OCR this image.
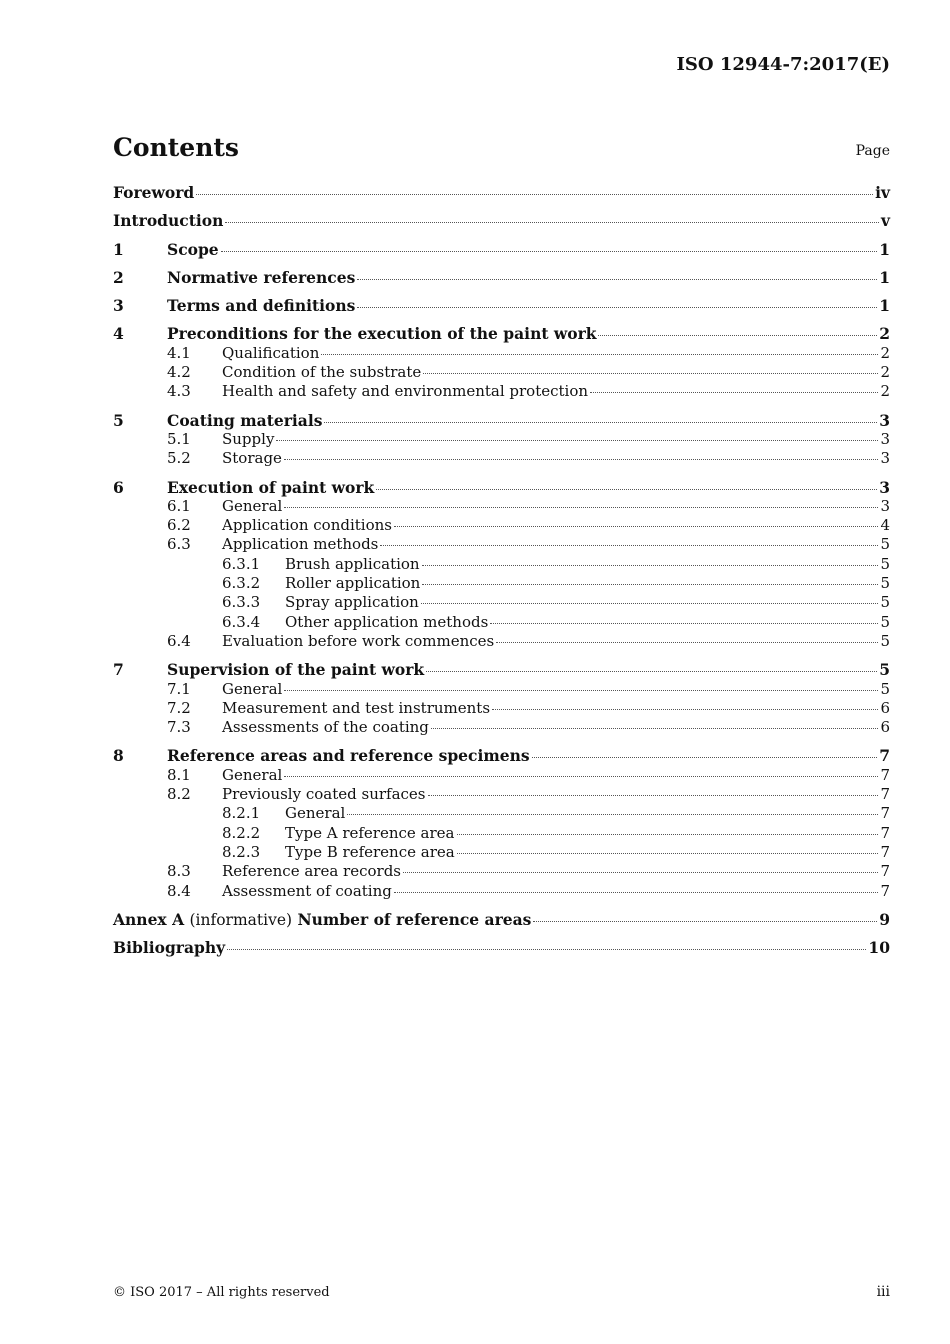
ISO 12944-7:2017(E)
Contents	Page
Foreword	iv
Introduction	v
1	Scope	1
2	Normative references	1
3	Terms and definitions	1
4	Preconditions for the execution of the paint work	2
4.1	Qualification	2
4.2	Condition of the substrate	2
4.3	Health and safety and environmental protection	2
5	Coating materials	3
5.1	Supply	3
5.2	Storage	3
6	Execution of paint work	3
6.1	General	3
6.2	Application conditions	4
6.3	Application methods	5
6.3.1	Brush application	5
6.3.2	Roller application	5
6.3.3	Spray application	5
6.3.4	Other application methods	5
6.4	Evaluation before work commences	5
7	Supervision of the paint work	5
7.1	General	5
7.2	Measurement and test instruments	6
7.3	Assessments of the coating	6
8	Reference areas and reference specimens	7
8.1	General	7
8.2	Previously coated surfaces	7
8.2.1	General	7
8.2.2	Type A reference area	7
8.2.3	Type B reference area	7
8.3	Reference area records	7
8.4	Assessment of coating	7
Annex A (informative) Number of reference areas	9
Bibliography	10
© ISO 2017 – All rights reserved	iii
